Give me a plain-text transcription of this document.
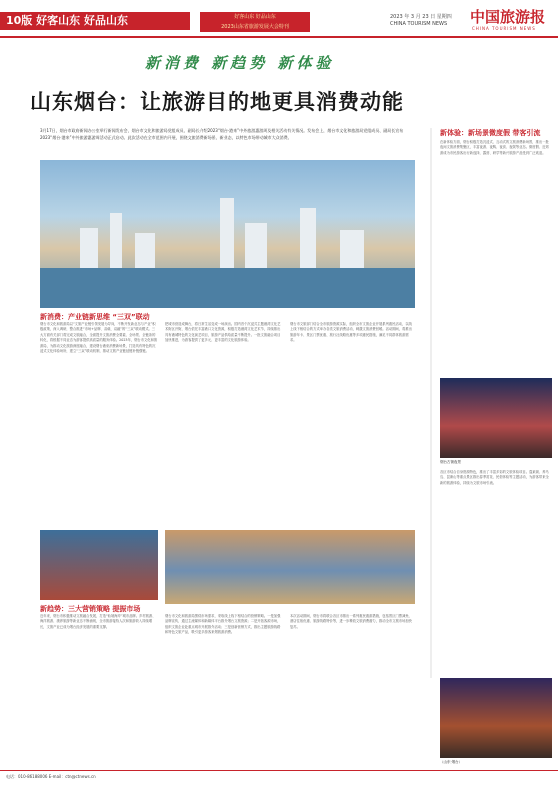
10版 好客山东 好品山东	好客山东 好品山东
2023山东省旅游发展大会特刊
2023 年 3 月 23 日 星期四
CHINA TOURISM NEWS	中国旅游报
CHINA TOURISM NEWS
新消费 新趋势 新体验
山东烟台：让旅游目的地更具消费动能
3月17日，烟台市政府新闻办公室举行新闻发布会，烟台市文化和旅游局党组成员、副局长介绍2023“烟台·港来”中外旅游惠游周及相关活动有关情况。发布会上，烟台市文化和旅游局党组成员、副局长宣布2023“烟台·港来”中外旅游惠游周活动正式启动。此次活动在全市范围内开展，围绕文旅消费新场景、新业态，以特色市场带动城市大众消费。
新消费：产业链新思维 “三双”联动
烟台市文化和旅游局以“文旅产业链引领发展为导向，不断开发新业态与产业”积极政策，深入调研，整合推进“市场+品牌、双载、双融”的“三双”联动模式。三大方面有关部门将完成文旅融合，全面提升文旅消费全要素、全场景、全链条的转化，将根据不同业态为游客提供高质量的服务体验。2023年，烟台市文化和旅游局，为推动文化旅游深度融合，建设烟台港来消费新场景，打造具有特色的沉浸式文化体验场所，建立“三双”联动机制，推动文旅产业链延链补链强链。
把城市营造成舞台，将日常生活变成一场演出。国内首个沉浸式主题港湾文化艺术街区开街，烟台依托丰富港口文化资源，积极打造港湾文化艺术节，持续推出具有港城特色的文化演艺项目，旅游产品供给质量不断提升。一批文旅融合项目加快推进，为游客提供了更多元、更丰富的文化旅游体验。
烟台市文旅部门结合全市旅游资源实际，组织全市文旅企业开展系列惠民活动，以线上线下相结合的方式举办各类文旅消费活动，刺激文旅消费回暖。活动期间，将推出旅游年卡、景区门票优惠、旅行社线路优惠等多项惠民措施，满足不同群体旅游需求。
新趋势：三大营销策略 提振市场
近年来，烟台市积极推动文旅融合发展，打造“仙境海岸”城市品牌。乡村旅游、海洋旅游、康养旅游等新业态不断涌现，全市旅游接待人次和旅游收入持续增长，文旅产业已成为烟台经济发展的重要支撑。
烟台市文化和旅游局围绕市场需求，采取线上线下相结合的营销策略。一是加强品牌宣传，通过主流媒体和新媒体平台推介烟台文旅资源；二是开拓客源市场，组织文旅企业赴重点城市开展推介活动；三是创新营销方式，推出主题旅游线路和特色文旅产品，吸引更多游客来烟旅游消费。
本次活动期间，烟台市将联合各区市推出一系列惠民惠游措施，包括景区门票减免、酒店住宿优惠、旅游线路特价等，进一步释放文旅消费潜力，推动全市文旅市场加快复苏。
新体验：新场景微度假 带客引流
在新体验方面，烟台积极打造沉浸式、互动式的文旅消费新场景，推出一批夜间文旅消费集聚区，丰富夜游、夜购、夜食、夜娱等业态。微度假、近郊游成为市民游客出行新选择，露营、研学等新兴旅游产品受到广泛欢迎。
烟台古街夜景
各区市结合自身资源特色，推出了丰富多彩的文旅体验项目。蓬莱阁、养马岛、昆嵛山等重点景区推出春季赏花、民俗体验等主题活动，为游客带来全新的旅游体验，持续为文旅市场引流。
（山东·烟台）
电话：010-86188006 E-mail：ctn@ctnews.cn
